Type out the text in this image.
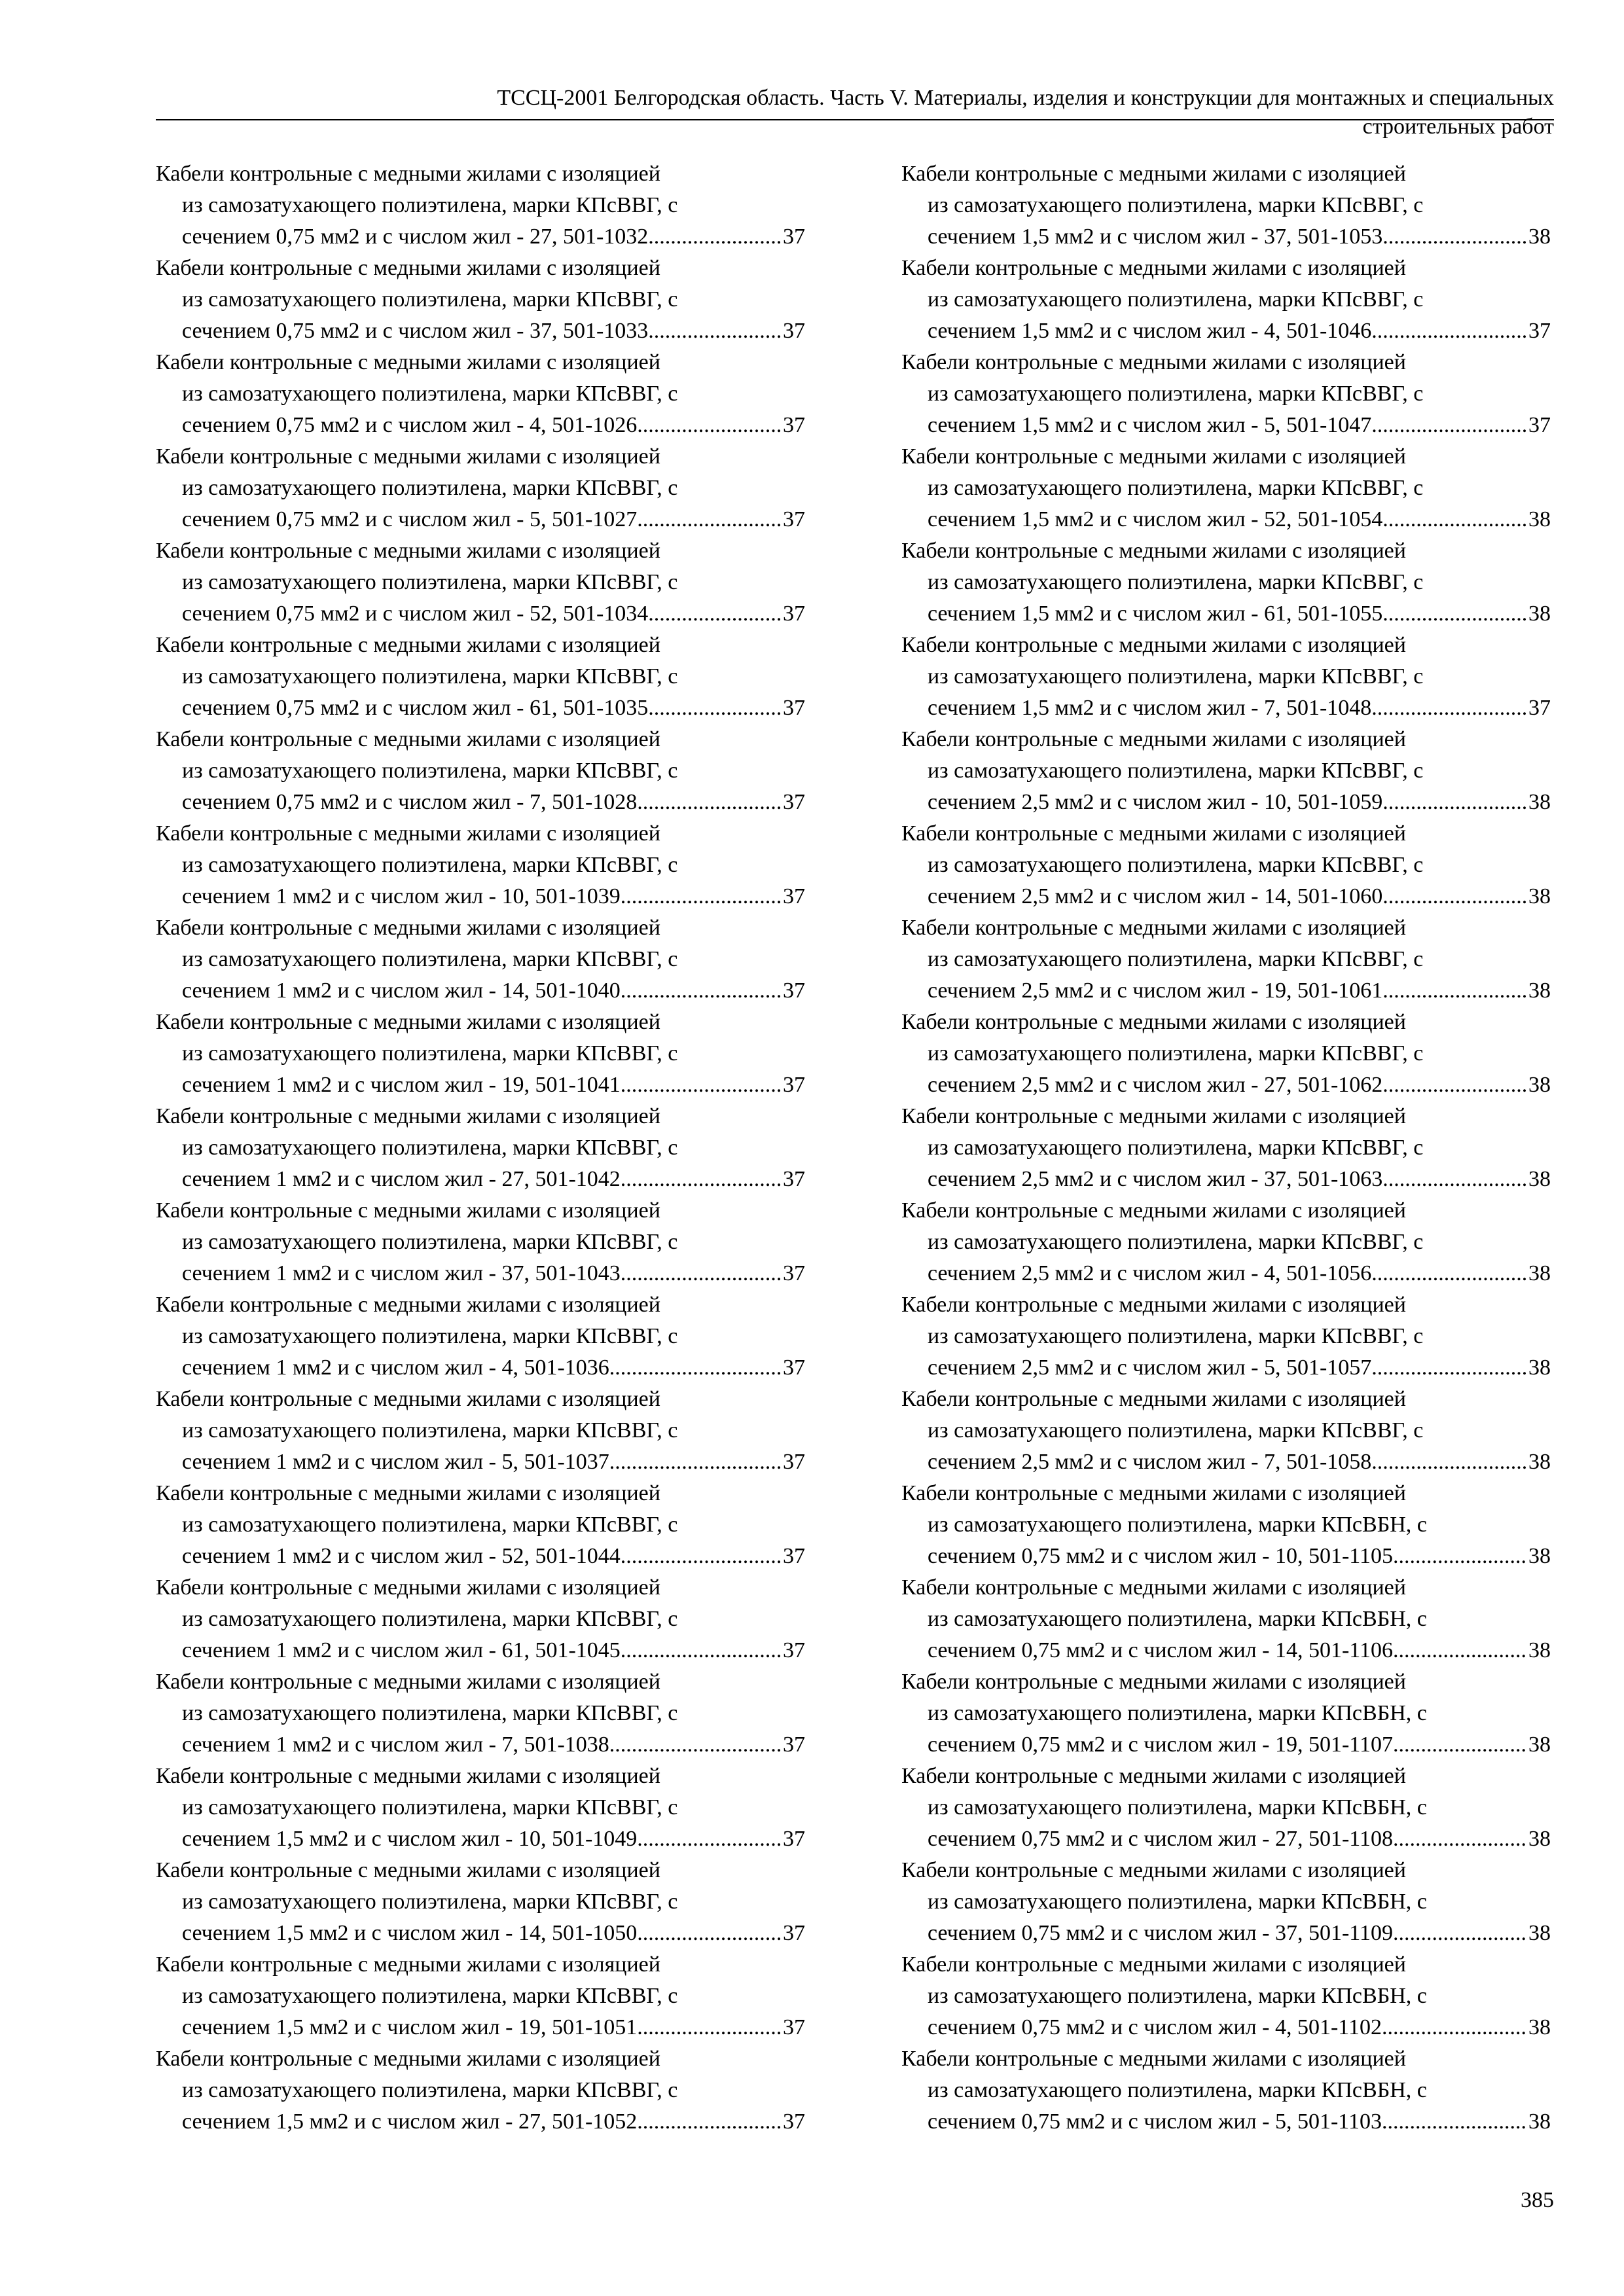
ТССЦ-2001 Белгородская область. Часть V. Материалы, изделия и конструкции для монтажных и специальных
строительных работ
Кабели контрольные с медными жилами с изоляцией
из самозатухающего полиэтилена, марки КПсВВГ, с
сечением 0,75 мм2 и с числом жил - 27, 501-1032 .....	37
Кабели контрольные с медными жилами с изоляцией
из самозатухающего полиэтилена, марки КПсВВГ, с
сечением 0,75 мм2 и с числом жил - 37, 501-1033 .....	37
Кабели контрольные с медными жилами с изоляцией
из самозатухающего полиэтилена, марки КПсВВГ, с
сечением 0,75 мм2 и с числом жил - 4, 501-1026 .....	37
Кабели контрольные с медными жилами с изоляцией
из самозатухающего полиэтилена, марки КПсВВГ, с
сечением 0,75 мм2 и с числом жил - 5, 501-1027 .....	37
Кабели контрольные с медными жилами с изоляцией
из самозатухающего полиэтилена, марки КПсВВГ, с
сечением 0,75 мм2 и с числом жил - 52, 501-1034 .....	37
Кабели контрольные с медными жилами с изоляцией
из самозатухающего полиэтилена, марки КПсВВГ, с
сечением 0,75 мм2 и с числом жил - 61, 501-1035 .....	37
Кабели контрольные с медными жилами с изоляцией
из самозатухающего полиэтилена, марки КПсВВГ, с
сечением 0,75 мм2 и с числом жил - 7, 501-1028 .....	37
Кабели контрольные с медными жилами с изоляцией
из самозатухающего полиэтилена, марки КПсВВГ, с
сечением 1 мм2 и с числом жил - 10, 501-1039 .....	37
Кабели контрольные с медными жилами с изоляцией
из самозатухающего полиэтилена, марки КПсВВГ, с
сечением 1 мм2 и с числом жил - 14, 501-1040 .....	37
Кабели контрольные с медными жилами с изоляцией
из самозатухающего полиэтилена, марки КПсВВГ, с
сечением 1 мм2 и с числом жил - 19, 501-1041 .....	37
Кабели контрольные с медными жилами с изоляцией
из самозатухающего полиэтилена, марки КПсВВГ, с
сечением 1 мм2 и с числом жил - 27, 501-1042 .....	37
Кабели контрольные с медными жилами с изоляцией
из самозатухающего полиэтилена, марки КПсВВГ, с
сечением 1 мм2 и с числом жил - 37, 501-1043 .....	37
Кабели контрольные с медными жилами с изоляцией
из самозатухающего полиэтилена, марки КПсВВГ, с
сечением 1 мм2 и с числом жил - 4, 501-1036 .....	37
Кабели контрольные с медными жилами с изоляцией
из самозатухающего полиэтилена, марки КПсВВГ, с
сечением 1 мм2 и с числом жил - 5, 501-1037 .....	37
Кабели контрольные с медными жилами с изоляцией
из самозатухающего полиэтилена, марки КПсВВГ, с
сечением 1 мм2 и с числом жил - 52, 501-1044 .....	37
Кабели контрольные с медными жилами с изоляцией
из самозатухающего полиэтилена, марки КПсВВГ, с
сечением 1 мм2 и с числом жил - 61, 501-1045 .....	37
Кабели контрольные с медными жилами с изоляцией
из самозатухающего полиэтилена, марки КПсВВГ, с
сечением 1 мм2 и с числом жил - 7, 501-1038 .....	37
Кабели контрольные с медными жилами с изоляцией
из самозатухающего полиэтилена, марки КПсВВГ, с
сечением 1,5 мм2 и с числом жил - 10, 501-1049 .....	37
Кабели контрольные с медными жилами с изоляцией
из самозатухающего полиэтилена, марки КПсВВГ, с
сечением 1,5 мм2 и с числом жил - 14, 501-1050 .....	37
Кабели контрольные с медными жилами с изоляцией
из самозатухающего полиэтилена, марки КПсВВГ, с
сечением 1,5 мм2 и с числом жил - 19, 501-1051 .....	37
Кабели контрольные с медными жилами с изоляцией
из самозатухающего полиэтилена, марки КПсВВГ, с
сечением 1,5 мм2 и с числом жил - 27, 501-1052 .....	37
Кабели контрольные с медными жилами с изоляцией
из самозатухающего полиэтилена, марки КПсВВГ, с
сечением 1,5 мм2 и с числом жил - 37, 501-1053 .....	38
Кабели контрольные с медными жилами с изоляцией
из самозатухающего полиэтилена, марки КПсВВГ, с
сечением 1,5 мм2 и с числом жил - 4, 501-1046 .....	37
Кабели контрольные с медными жилами с изоляцией
из самозатухающего полиэтилена, марки КПсВВГ, с
сечением 1,5 мм2 и с числом жил - 5, 501-1047 .....	37
Кабели контрольные с медными жилами с изоляцией
из самозатухающего полиэтилена, марки КПсВВГ, с
сечением 1,5 мм2 и с числом жил - 52, 501-1054 .....	38
Кабели контрольные с медными жилами с изоляцией
из самозатухающего полиэтилена, марки КПсВВГ, с
сечением 1,5 мм2 и с числом жил - 61, 501-1055 .....	38
Кабели контрольные с медными жилами с изоляцией
из самозатухающего полиэтилена, марки КПсВВГ, с
сечением 1,5 мм2 и с числом жил - 7, 501-1048 .....	37
Кабели контрольные с медными жилами с изоляцией
из самозатухающего полиэтилена, марки КПсВВГ, с
сечением 2,5 мм2 и с числом жил - 10, 501-1059 .....	38
Кабели контрольные с медными жилами с изоляцией
из самозатухающего полиэтилена, марки КПсВВГ, с
сечением 2,5 мм2 и с числом жил - 14, 501-1060 .....	38
Кабели контрольные с медными жилами с изоляцией
из самозатухающего полиэтилена, марки КПсВВГ, с
сечением 2,5 мм2 и с числом жил - 19, 501-1061 .....	38
Кабели контрольные с медными жилами с изоляцией
из самозатухающего полиэтилена, марки КПсВВГ, с
сечением 2,5 мм2 и с числом жил - 27, 501-1062 .....	38
Кабели контрольные с медными жилами с изоляцией
из самозатухающего полиэтилена, марки КПсВВГ, с
сечением 2,5 мм2 и с числом жил - 37, 501-1063 .....	38
Кабели контрольные с медными жилами с изоляцией
из самозатухающего полиэтилена, марки КПсВВГ, с
сечением 2,5 мм2 и с числом жил - 4, 501-1056 .....	38
Кабели контрольные с медными жилами с изоляцией
из самозатухающего полиэтилена, марки КПсВВГ, с
сечением 2,5 мм2 и с числом жил - 5, 501-1057 .....	38
Кабели контрольные с медными жилами с изоляцией
из самозатухающего полиэтилена, марки КПсВВГ, с
сечением 2,5 мм2 и с числом жил - 7, 501-1058 .....	38
Кабели контрольные с медными жилами с изоляцией
из самозатухающего полиэтилена, марки КПсВБН, с
сечением 0,75 мм2 и с числом жил - 10, 501-1105 .....	38
Кабели контрольные с медными жилами с изоляцией
из самозатухающего полиэтилена, марки КПсВБН, с
сечением 0,75 мм2 и с числом жил - 14, 501-1106 .....	38
Кабели контрольные с медными жилами с изоляцией
из самозатухающего полиэтилена, марки КПсВБН, с
сечением 0,75 мм2 и с числом жил - 19, 501-1107 .....	38
Кабели контрольные с медными жилами с изоляцией
из самозатухающего полиэтилена, марки КПсВБН, с
сечением 0,75 мм2 и с числом жил - 27, 501-1108 .....	38
Кабели контрольные с медными жилами с изоляцией
из самозатухающего полиэтилена, марки КПсВБН, с
сечением 0,75 мм2 и с числом жил - 37, 501-1109 .....	38
Кабели контрольные с медными жилами с изоляцией
из самозатухающего полиэтилена, марки КПсВБН, с
сечением 0,75 мм2 и с числом жил - 4, 501-1102 .....	38
Кабели контрольные с медными жилами с изоляцией
из самозатухающего полиэтилена, марки КПсВБН, с
сечением 0,75 мм2 и с числом жил - 5, 501-1103 .....	38
385
